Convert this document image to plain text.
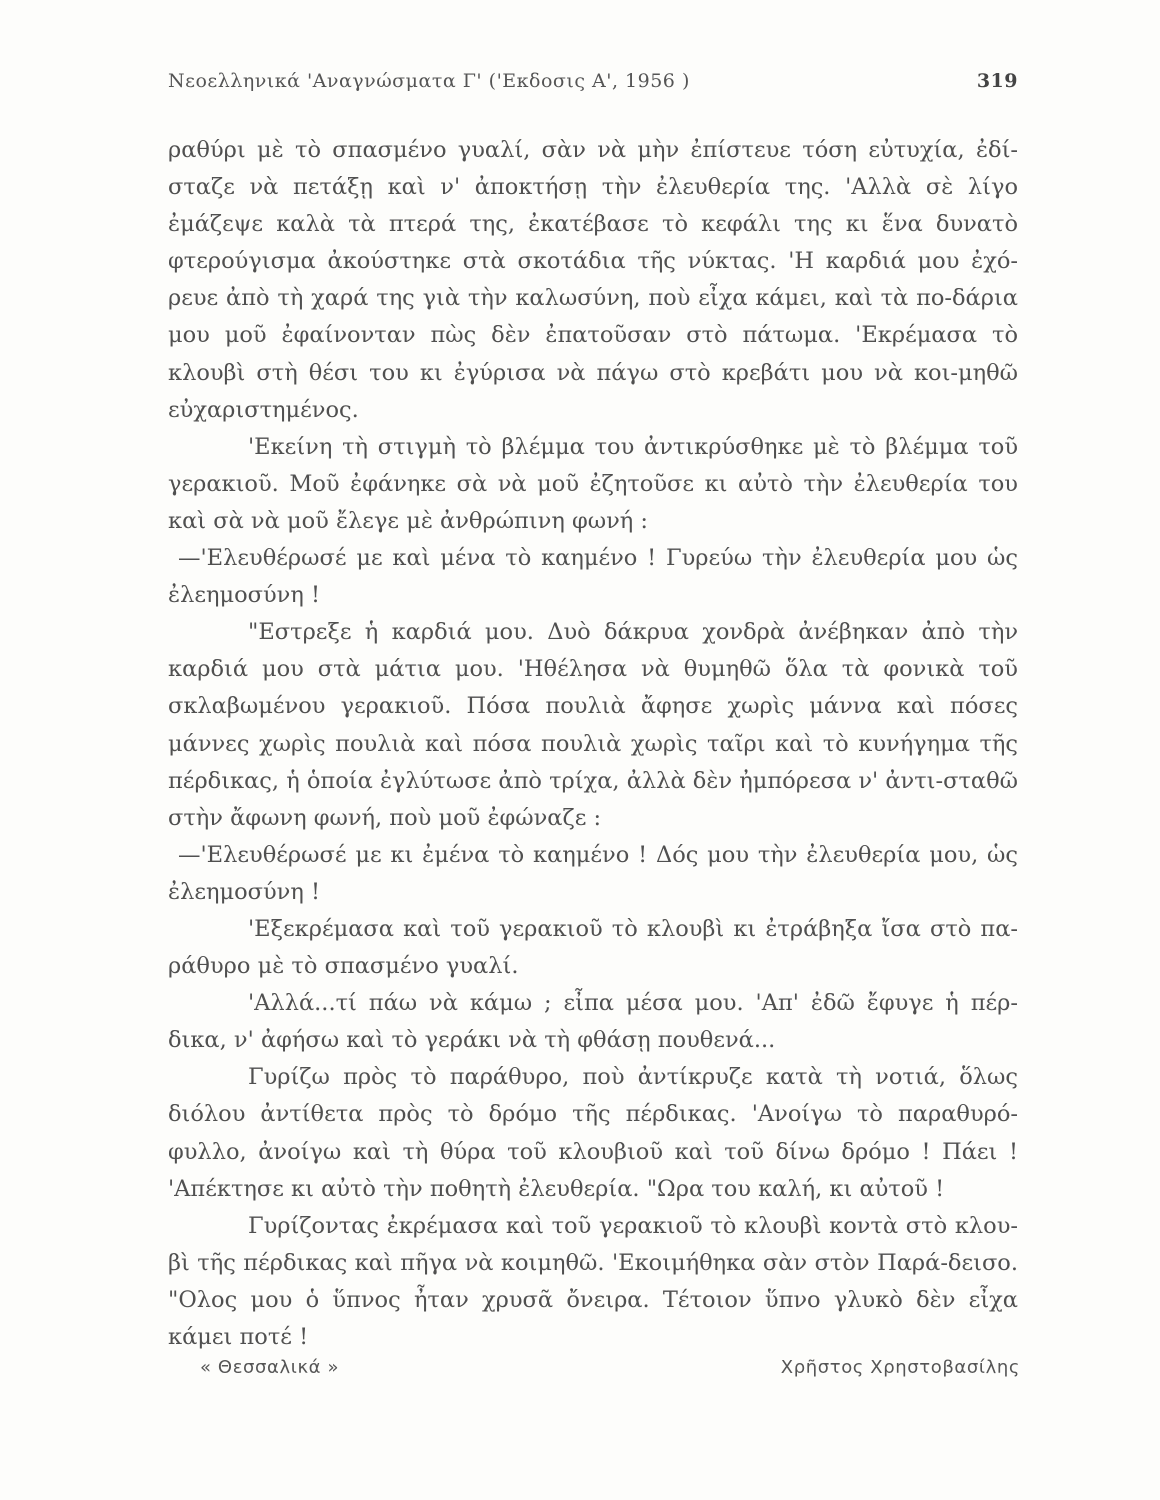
Νεοελληνικά 'Αναγνώσματα Γ' ('Εκδοσις Α', 1956 )	319

ραθύρι μὲ τὸ σπασμένο γυαλί, σὰν νὰ μὴν ἐπίστευε τόση εὐτυχία, ἐδί-σταζε νὰ πετάξῃ καὶ ν' ἀποκτήσῃ τὴν ἐλευθερία της. 'Αλλὰ σὲ λίγο ἐμάζεψε καλὰ τὰ πτερά της, ἐκατέβασε τὸ κεφάλι της κι ἕνα δυνατὸ φτερούγισμα ἀκούστηκε στὰ σκοτάδια τῆς νύκτας. 'Η καρδιά μου ἐχό-ρευε ἀπὸ τὴ χαρά της γιὰ τὴν καλωσύνη, ποὺ εἶχα κάμει, καὶ τὰ πο-δάρια μου μοῦ ἐφαίνονταν πὼς δὲν ἐπατοῦσαν στὸ πάτωμα. 'Εκρέμασα τὸ κλουβὶ στὴ θέσι του κι ἐγύρισα νὰ πάγω στὸ κρεβάτι μου νὰ κοι-μηθῶ εὐχαριστημένος.

'Εκείνη τὴ στιγμὴ τὸ βλέμμα του ἀντικρύσθηκε μὲ τὸ βλέμμα τοῦ γερακιοῦ. Μοῦ ἐφάνηκε σὰ νὰ μοῦ ἐζητοῦσε κι αὐτὸ τὴν ἐλευθερία του καὶ σὰ νὰ μοῦ ἔλεγε μὲ ἀνθρώπινη φωνή :

—'Ελευθέρωσέ με καὶ μένα τὸ καημένο ! Γυρεύω τὴν ἐλευθερία μου ὡς ἐλεημοσύνη !

"Εστρεξε ἡ καρδιά μου. Δυὸ δάκρυα χονδρὰ ἀνέβηκαν ἀπὸ τὴν καρδιά μου στὰ μάτια μου. 'Ηθέλησα νὰ θυμηθῶ ὅλα τὰ φονικὰ τοῦ σκλαβωμένου γερακιοῦ. Πόσα πουλιὰ ἄφησε χωρὶς μάννα καὶ πόσες μάννες χωρὶς πουλιὰ καὶ πόσα πουλιὰ χωρὶς ταῖρι καὶ τὸ κυνήγημα τῆς πέρδικας, ἡ ὁποία ἐγλύτωσε ἀπὸ τρίχα, ἀλλὰ δὲν ἠμπόρεσα ν' ἀντι-σταθῶ στὴν ἄφωνη φωνή, ποὺ μοῦ ἐφώναζε :

—'Ελευθέρωσέ με κι ἐμένα τὸ καημένο ! Δός μου τὴν ἐλευθερία μου, ὡς ἐλεημοσύνη !

'Εξεκρέμασα καὶ τοῦ γερακιοῦ τὸ κλουβὶ κι ἐτράβηξα ἴσα στὸ πα-ράθυρο μὲ τὸ σπασμένο γυαλί.

'Αλλά...τί πάω νὰ κάμω ; εἶπα μέσα μου. 'Απ' ἐδῶ ἔφυγε ἡ πέρ-δικα, ν' ἀφήσω καὶ τὸ γεράκι νὰ τὴ φθάσῃ πουθενά...

Γυρίζω πρὸς τὸ παράθυρο, ποὺ ἀντίκρυζε κατὰ τὴ νοτιά, ὅλως διόλου ἀντίθετα πρὸς τὸ δρόμο τῆς πέρδικας. 'Ανοίγω τὸ παραθυρό-φυλλο, ἀνοίγω καὶ τὴ θύρα τοῦ κλουβιοῦ καὶ τοῦ δίνω δρόμο ! Πάει ! 'Απέκτησε κι αὐτὸ τὴν ποθητὴ ἐλευθερία. "Ωρα του καλή, κι αὐτοῦ !

Γυρίζοντας ἐκρέμασα καὶ τοῦ γερακιοῦ τὸ κλουβὶ κοντὰ στὸ κλου-βὶ τῆς πέρδικας καὶ πῆγα νὰ κοιμηθῶ. 'Εκοιμήθηκα σὰν στὸν Παρά-δεισο. "Ολος μου ὁ ὕπνος ἦταν χρυσᾶ ὄνειρα. Τέτοιον ὕπνο γλυκὸ δὲν εἶχα κάμει ποτέ !

« Θεσσαλικά »	Χρῆστος Χρηστοβασίλης
